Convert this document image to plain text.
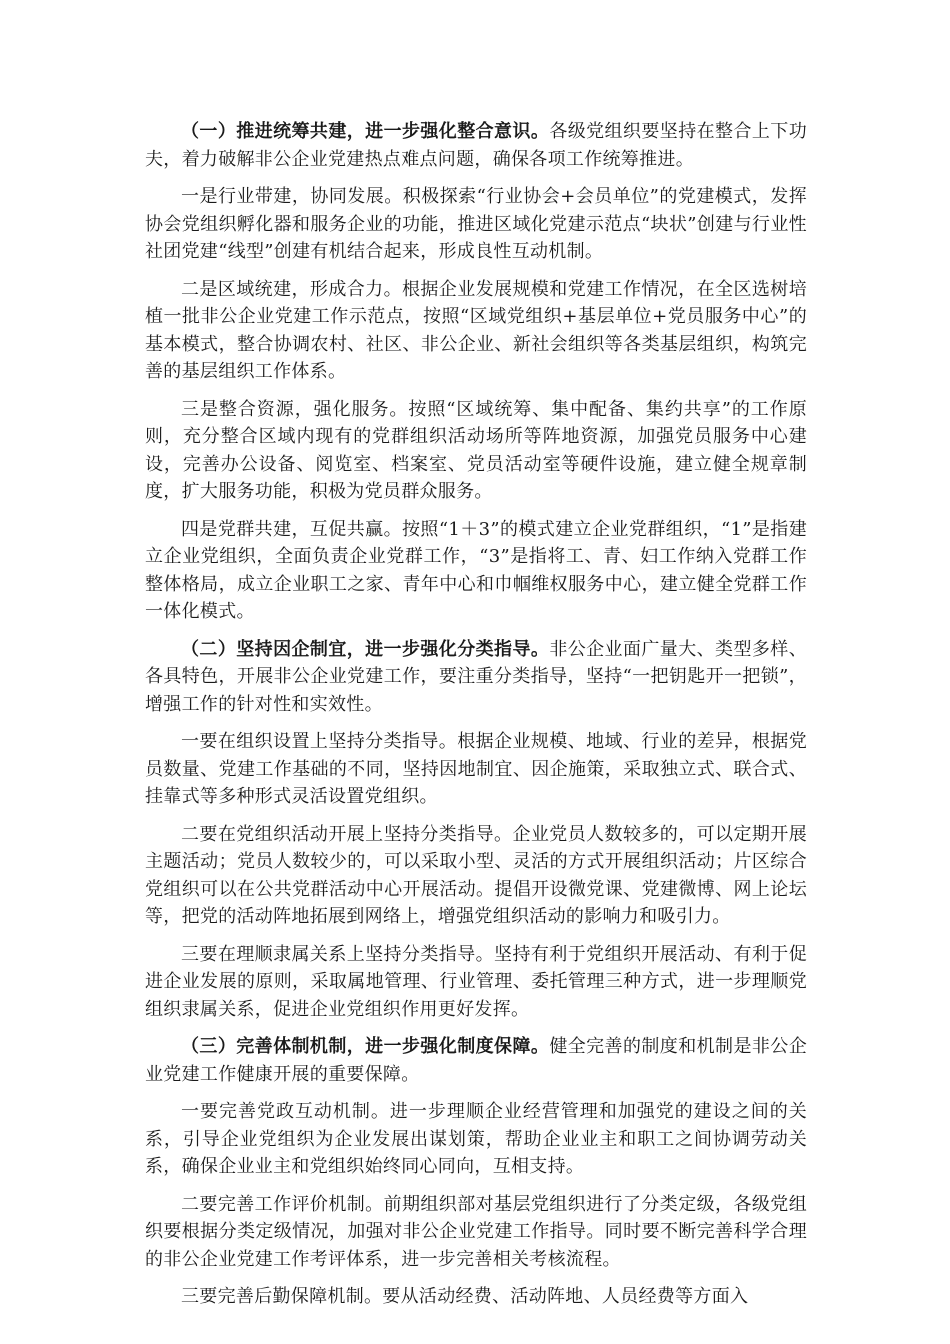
（一）推进统筹共建，进一步强化整合意识。各级党组织要坚持在整合上下功夫，着力破解非公企业党建热点难点问题，确保各项工作统筹推进。

一是行业带建，协同发展。积极探索“行业协会+会员单位”的党建模式，发挥协会党组织孵化器和服务企业的功能，推进区域化党建示范点“块状”创建与行业性社团党建“线型”创建有机结合起来，形成良性互动机制。

二是区域统建，形成合力。根据企业发展规模和党建工作情况，在全区选树培植一批非公企业党建工作示范点，按照“区域党组织+基层单位+党员服务中心”的基本模式，整合协调农村、社区、非公企业、新社会组织等各类基层组织，构筑完善的基层组织工作体系。

三是整合资源，强化服务。按照“区域统筹、集中配备、集约共享”的工作原则，充分整合区域内现有的党群组织活动场所等阵地资源，加强党员服务中心建设，完善办公设备、阅览室、档案室、党员活动室等硬件设施，建立健全规章制度，扩大服务功能，积极为党员群众服务。

四是党群共建，互促共赢。按照“1＋3”的模式建立企业党群组织，“1”是指建立企业党组织，全面负责企业党群工作，“3”是指将工、青、妇工作纳入党群工作整体格局，成立企业职工之家、青年中心和巾帼维权服务中心，建立健全党群工作一体化模式。

（二）坚持因企制宜，进一步强化分类指导。非公企业面广量大、类型多样、各具特色，开展非公企业党建工作，要注重分类指导，坚持“一把钥匙开一把锁”，增强工作的针对性和实效性。

一要在组织设置上坚持分类指导。根据企业规模、地域、行业的差异，根据党员数量、党建工作基础的不同，坚持因地制宜、因企施策，采取独立式、联合式、挂靠式等多种形式灵活设置党组织。

二要在党组织活动开展上坚持分类指导。企业党员人数较多的，可以定期开展主题活动；党员人数较少的，可以采取小型、灵活的方式开展组织活动；片区综合党组织可以在公共党群活动中心开展活动。提倡开设微党课、党建微博、网上论坛等，把党的活动阵地拓展到网络上，增强党组织活动的影响力和吸引力。

三要在理顺隶属关系上坚持分类指导。坚持有利于党组织开展活动、有利于促进企业发展的原则，采取属地管理、行业管理、委托管理三种方式，进一步理顺党组织隶属关系，促进企业党组织作用更好发挥。

（三）完善体制机制，进一步强化制度保障。健全完善的制度和机制是非公企业党建工作健康开展的重要保障。

一要完善党政互动机制。进一步理顺企业经营管理和加强党的建设之间的关系，引导企业党组织为企业发展出谋划策，帮助企业业主和职工之间协调劳动关系，确保企业业主和党组织始终同心同向，互相支持。

二要完善工作评价机制。前期组织部对基层党组织进行了分类定级，各级党组织要根据分类定级情况，加强对非公企业党建工作指导。同时要不断完善科学合理的非公企业党建工作考评体系，进一步完善相关考核流程。

三要完善后勤保障机制。要从活动经费、活动阵地、人员经费等方面入
